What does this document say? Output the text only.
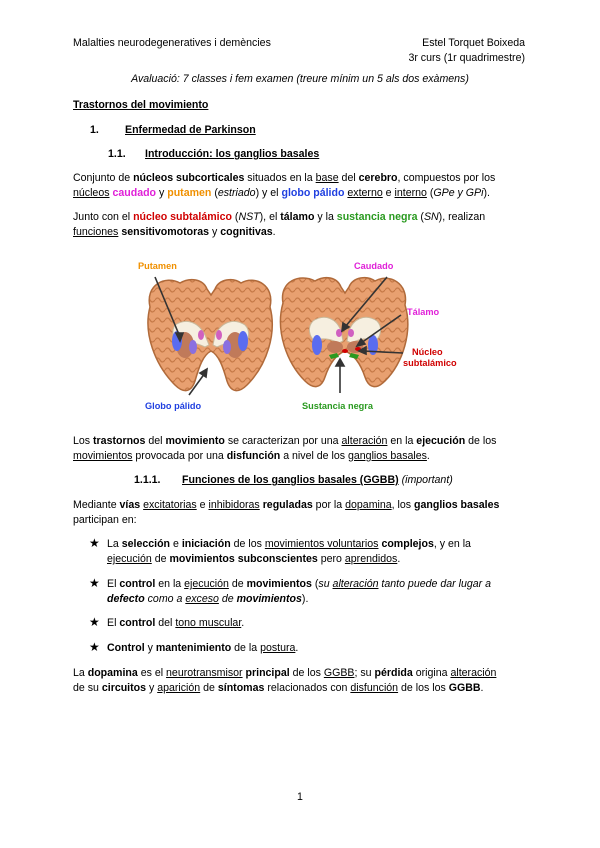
Malalties neurodegeneratives i demències	Estel Torquet Boixeda
3r curs (1r quadrimestre)
Avaluació: 7 classes i fem examen (treure mínim un 5 als dos exàmens)
Trastornos del movimiento
1. Enfermedad de Parkinson
1.1. Introducción: los ganglios basales
Conjunto de núcleos subcorticales situados en la base del cerebro, compuestos por los
núcleos caudado y putamen (estriado) y el globo pálido externo e interno (GPe y GPi).
Junto con el núcleo subtalámico (NST), el tálamo y la sustancia negra (SN), realizan
funciones sensitivomotoras y cognitivas.
Putamen	Caudado
Tálamo
Núcleo
subtalámico
Globo pálido	Sustancia negra
Los trastornos del movimiento se caracterizan por una alteración en la ejecución de los
movimientos provocada por una disfunción a nivel de los ganglios basales.
1.1.1. Funciones de los ganglios basales (GGBB) (important)
Mediante vías excitatorias e inhibidoras reguladas por la dopamina, los ganglios basales
participan en:
★ La selección e iniciación de los movimientos voluntarios complejos, y en la
ejecución de movimientos subconscientes pero aprendidos.
★ El control en la ejecución de movimientos (su alteración tanto puede dar lugar a
defecto como a exceso de movimientos).
★ El control del tono muscular.
★ Control y mantenimiento de la postura.
La dopamina es el neurotransmisor principal de los GGBB; su pérdida origina alteración
de su circuitos y aparición de síntomas relacionados con disfunción de los los GGBB.
1
